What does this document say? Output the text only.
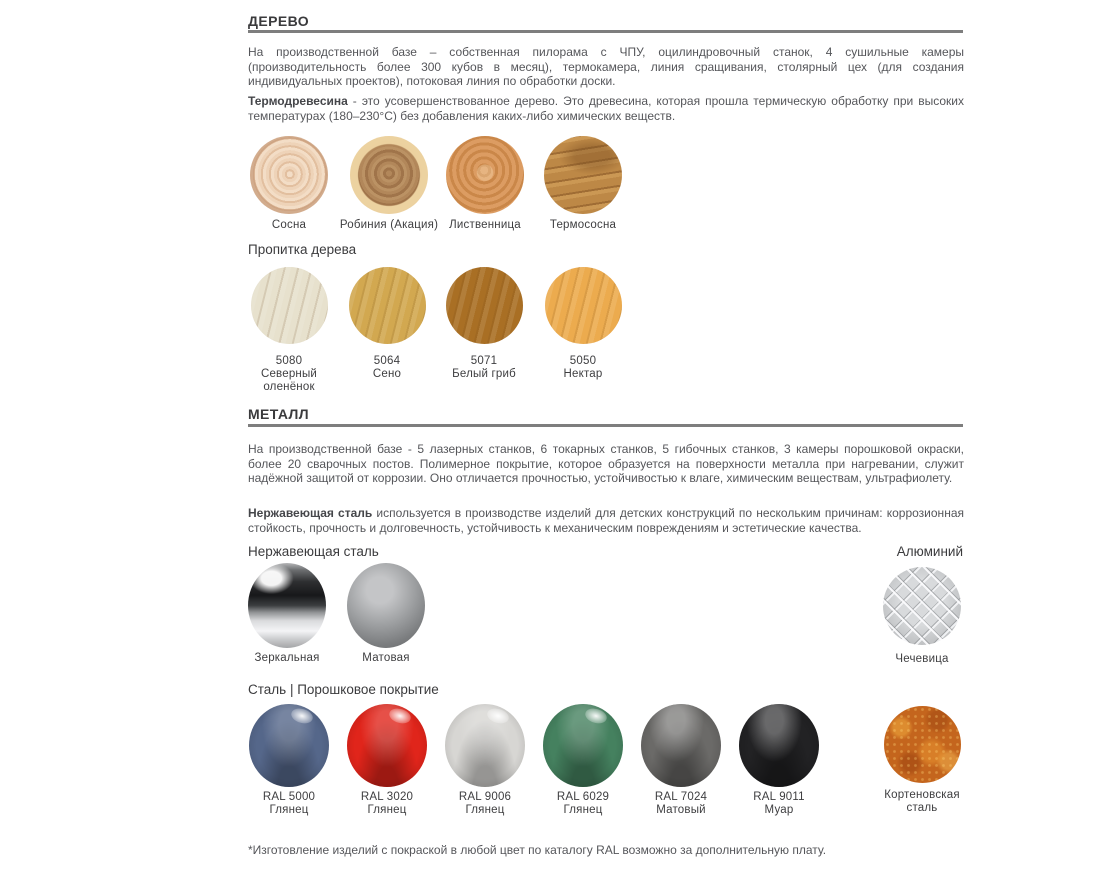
ДЕРЕВО

На производственной базе – собственная пилорама с ЧПУ, оцилиндровочный станок, 4 сушильные камеры (производительность более 300 кубов в месяц), термокамера, линия сращивания, столярный цех (для создания индивидуальных проектов), потоковая линия по обработки доски.

Термодревесина - это усовершенствованное дерево. Это древесина, которая прошла термическую обработку при высоких температурах (180–230°C) без добавления каких-либо химических веществ.

Сосна	Робиния (Акация) Лиственница	Термососна
Пропитка дерева
5080
Северный оленёнок
5064
Сено
5071
Белый гриб
5050
Нектар
МЕТАЛЛ

На производственной базе - 5 лазерных станков, 6 токарных станков, 5 гибочных станков, 3 камеры порошковой окраски, более 20 сварочных постов. Полимерное покрытие, которое образуется на поверхности металла при нагревании, служит надёжной защитой от коррозии. Оно отличается прочностью, устойчивостью к влаге, химическим веществам, ультрафиолету.

Нержавеющая сталь используется в производстве изделий для детских конструкций по нескольким причинам: коррозионная стойкость, прочность и долговечность, устойчивость к механическим повреждениям и эстетические качества.

Нержавеющая сталь	Алюминий
Зеркальная	Матовая	Чечевица
Сталь | Порошковое покрытие
RAL 5000
Глянец
RAL 3020
Глянец
RAL 9006
Глянец
RAL 6029
Глянец
RAL 7024
Матовый
RAL 9011
Муар
Кортеновская
сталь
*Изготовление изделий с покраской в любой цвет по каталогу RAL возможно за дополнительную плату.
